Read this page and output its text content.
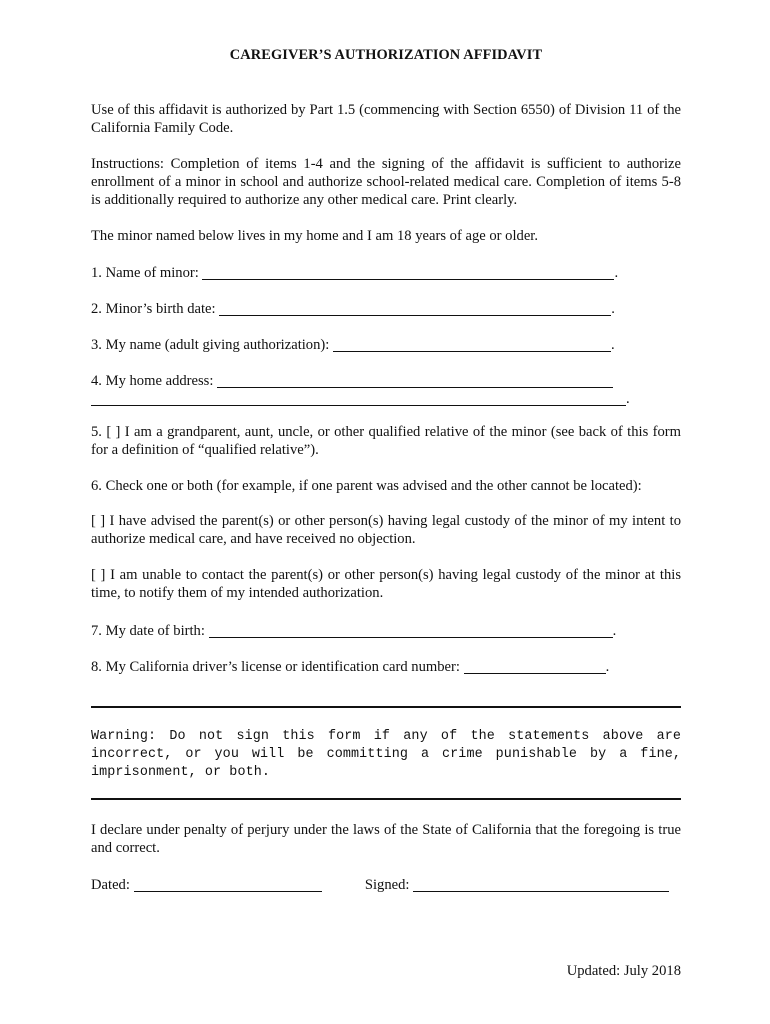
CAREGIVER’S AUTHORIZATION AFFIDAVIT
Use of this affidavit is authorized by Part 1.5 (commencing with Section 6550) of Division 11 of the California Family Code.
Instructions: Completion of items 1-4 and the signing of the affidavit is sufficient to authorize enrollment of a minor in school and authorize school-related medical care. Completion of items 5-8 is additionally required to authorize any other medical care. Print clearly.
The minor named below lives in my home and I am 18 years of age or older.
1. Name of minor:	.
2. Minor’s birth date:	.
3. My name (adult giving authorization):	.
4. My home address:
.
5. [ ] I am a grandparent, aunt, uncle, or other qualified relative of the minor (see back of this form for a definition of “qualified relative”).
6. Check one or both (for example, if one parent was advised and the other cannot be located):
[ ] I have advised the parent(s) or other person(s) having legal custody of the minor of my intent to authorize medical care, and have received no objection.
[ ] I am unable to contact the parent(s) or other person(s) having legal custody of the minor at this time, to notify them of my intended authorization.
7. My date of birth:	.
8. My California driver’s license or identification card number:	.
Warning: Do not sign this form if any of the statements above are incorrect, or you will be committing a crime punishable by a fine, imprisonment, or both.
I declare under penalty of perjury under the laws of the State of California that the foregoing is true and correct.
Dated:	Signed:
Updated: July 2018
